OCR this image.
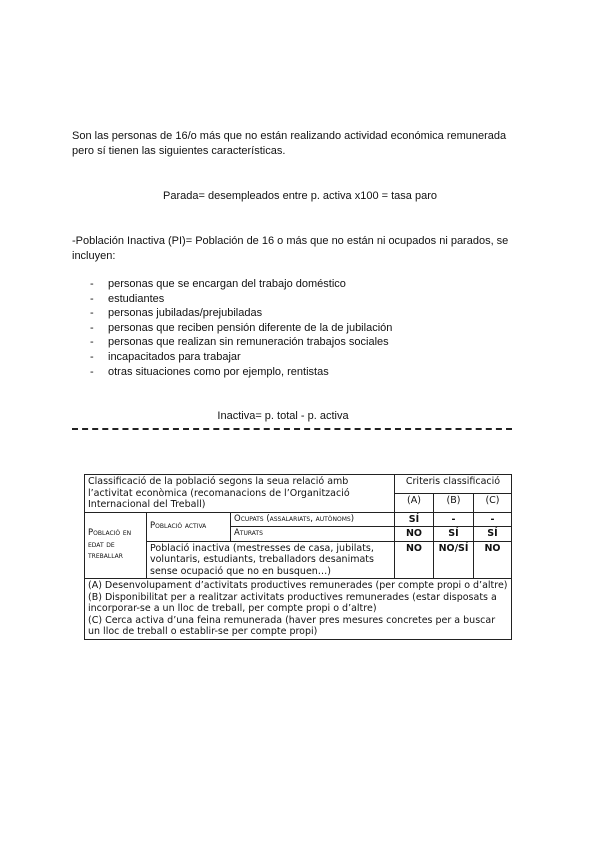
Son las personas de 16/o más que no están realizando actividad económica remunerada pero sí tienen las siguientes características.
Parada= desempleados entre p. activa x100 = tasa paro
-Población Inactiva (PI)= Población de 16 o más que no están ni ocupados ni parados, se incluyen:
- personas que se encargan del trabajo doméstico
- estudiantes
- personas jubiladas/prejubiladas
- personas que reciben pensión diferente de la de jubilación
- personas que realizan sin remuneración trabajos sociales
- incapacitados para trabajar
- otras situaciones como por ejemplo, rentistas
Inactiva= p. total - p. activa
Classificació de la població segons la seua relació amb l’activitat econòmica (recomanacions de l’Organització Internacional del Treball)			Criteris classificació		
			(A)	(B)	(C)
Població en edat de treballar	Població activa	Ocupats (assalariats, autònoms)	SÍ	-	-
		Aturats	NO	SÍ	SÍ
	Població inactiva (mestresses de casa, jubilats, voluntaris, estudiants, treballadors desanimats sense ocupació que no en busquen…)		NO	NO/SÍ	NO

(A) Desenvolupament d’activitats productives remunerades (per compte propi o d’altre)
(B) Disponibilitat per a realitzar activitats productives remunerades (estar disposats a incorporar-se a un lloc de treball, per compte propi o d’altre)
(C) Cerca activa d’una feina remunerada (haver pres mesures concretes per a buscar un lloc de treball o establir-se per compte propi)					
